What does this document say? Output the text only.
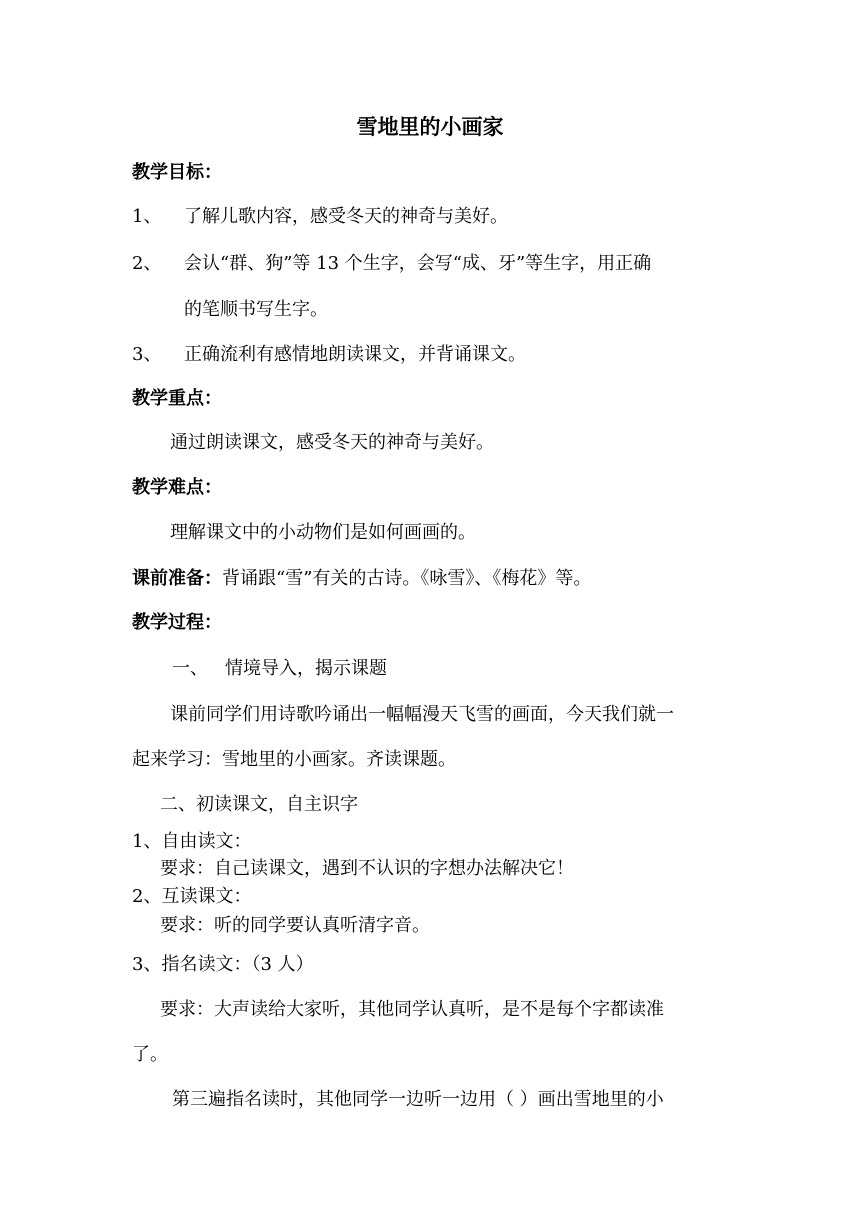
雪地里的小画家
教学目标：
1、 了解儿歌内容，感受冬天的神奇与美好。
2、 会认“群、狗”等 13 个生字，会写“成、牙”等生字，用正确
的笔顺书写生字。
3、 正确流利有感情地朗读课文，并背诵课文。
教学重点：
通过朗读课文，感受冬天的神奇与美好。
教学难点：
理解课文中的小动物们是如何画画的。
课前准备：背诵跟“雪”有关的古诗。《咏雪》、《梅花》等。
教学过程：
一、 情境导入，揭示课题
课前同学们用诗歌吟诵出一幅幅漫天飞雪的画面，今天我们就一
起来学习：雪地里的小画家。齐读课题。
二、初读课文，自主识字
1、自由读文：
要求：自己读课文，遇到不认识的字想办法解决它！
2、互读课文：
要求：听的同学要认真听清字音。
3、指名读文：（3 人）
要求：大声读给大家听，其他同学认真听，是不是每个字都读准
了。
第三遍指名读时，其他同学一边听一边用（ ）画出雪地里的小
